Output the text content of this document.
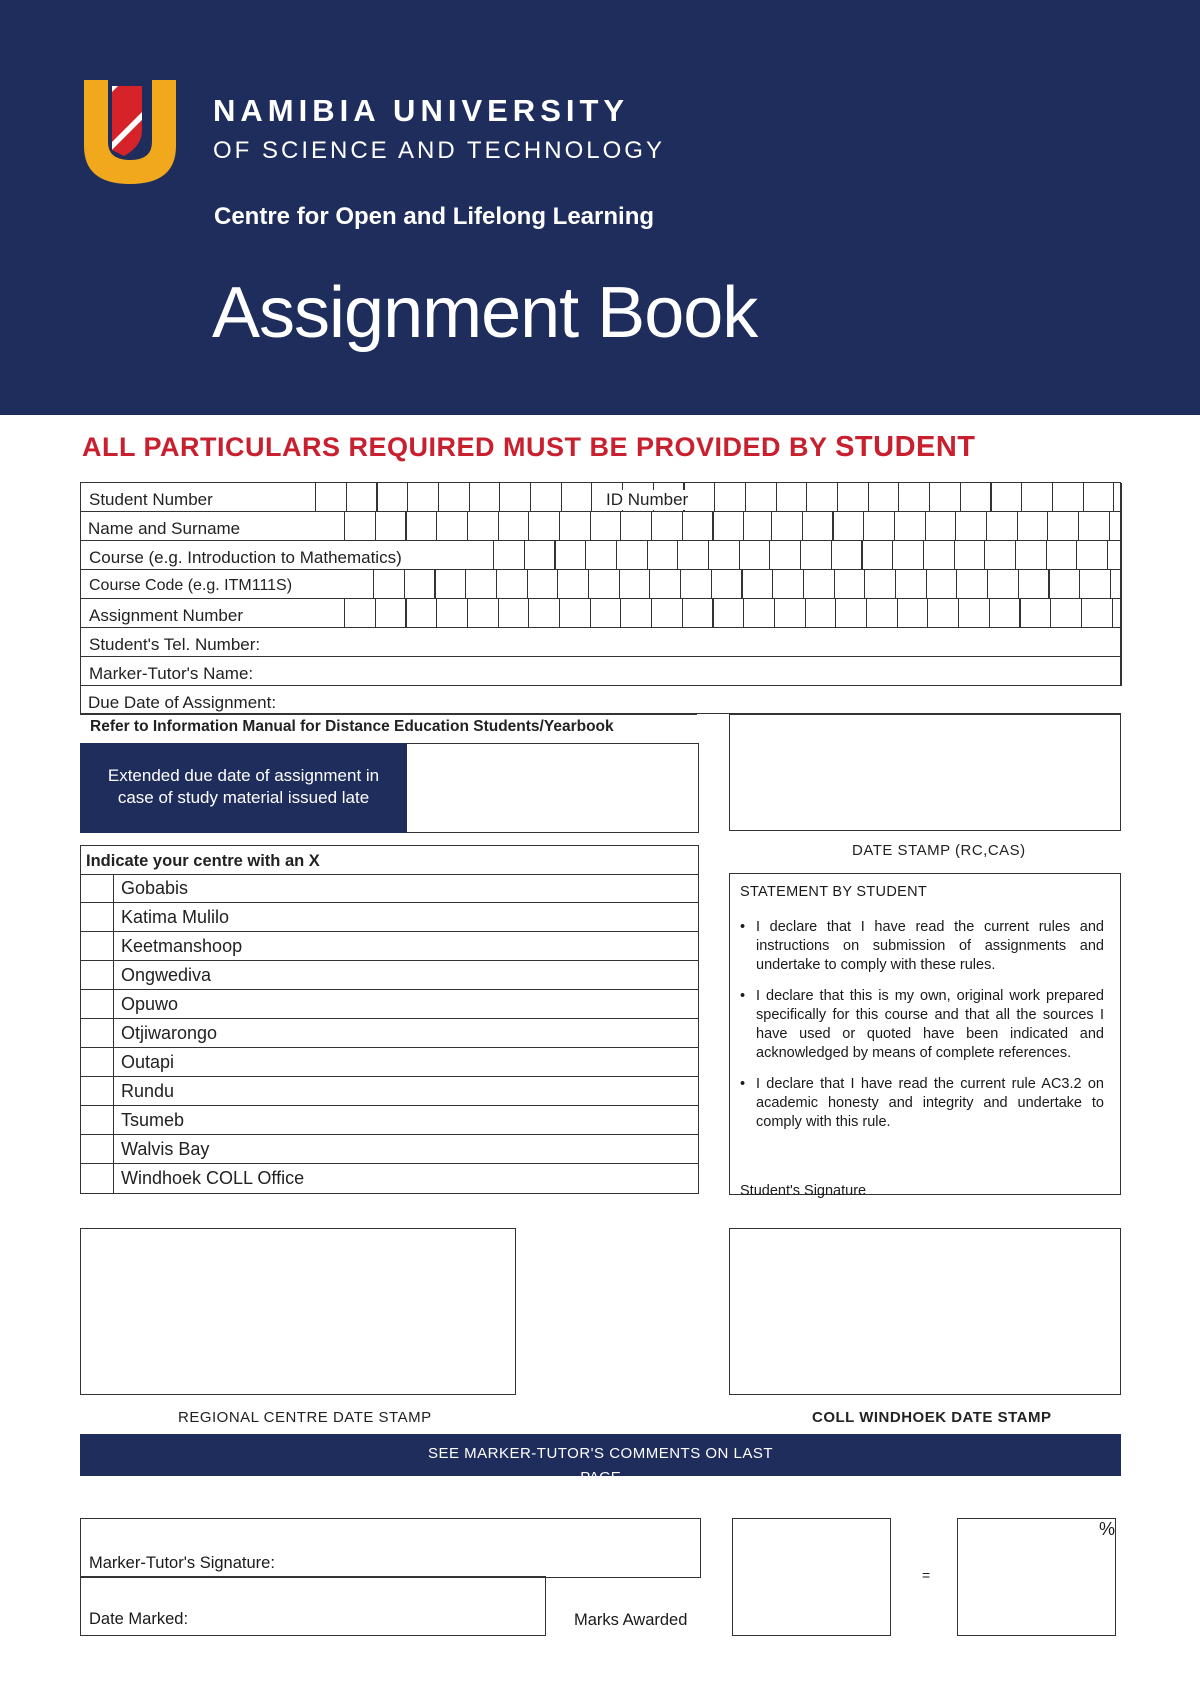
NAMIBIA UNIVERSITY
OF SCIENCE AND TECHNOLOGY
Centre for Open and Lifelong Learning
Assignment Book
ALL PARTICULARS REQUIRED MUST BE PROVIDED BY STUDENT
Student Number	ID Number
Name and Surname
Course (e.g. Introduction to Mathematics)
Course Code (e.g. ITM111S)
Assignment Number
Student's Tel. Number:
Marker-Tutor's Name:
Due Date of Assignment:
Refer to Information Manual for Distance Education Students/Yearbook
Extended due date of assignment in case of study material issued late
DATE STAMP (RC,CAS)
Indicate your centre with an X
Gobabis
Katima Mulilo
Keetmanshoop
Ongwediva
Opuwo
Otjiwarongo
Outapi
Rundu
Tsumeb
Walvis Bay
Windhoek COLL Office
STATEMENT BY STUDENT

• I declare that I have read the current rules and instructions on submission of assignments and undertake to comply with these rules.

• I declare that this is my own, original work prepared specifically for this course and that all the sources I have used or quoted have been indicated and acknowledged by means of complete references.

• I declare that I have read the current rule AC3.2 on academic honesty and integrity and undertake to comply with this rule.

Student's Signature
REGIONAL CENTRE DATE STAMP	COLL WINDHOEK DATE STAMP
SEE MARKER-TUTOR'S COMMENTS ON LAST
PAGE
Marker-Tutor's Signature:
Date Marked:	Marks Awarded
=
%
